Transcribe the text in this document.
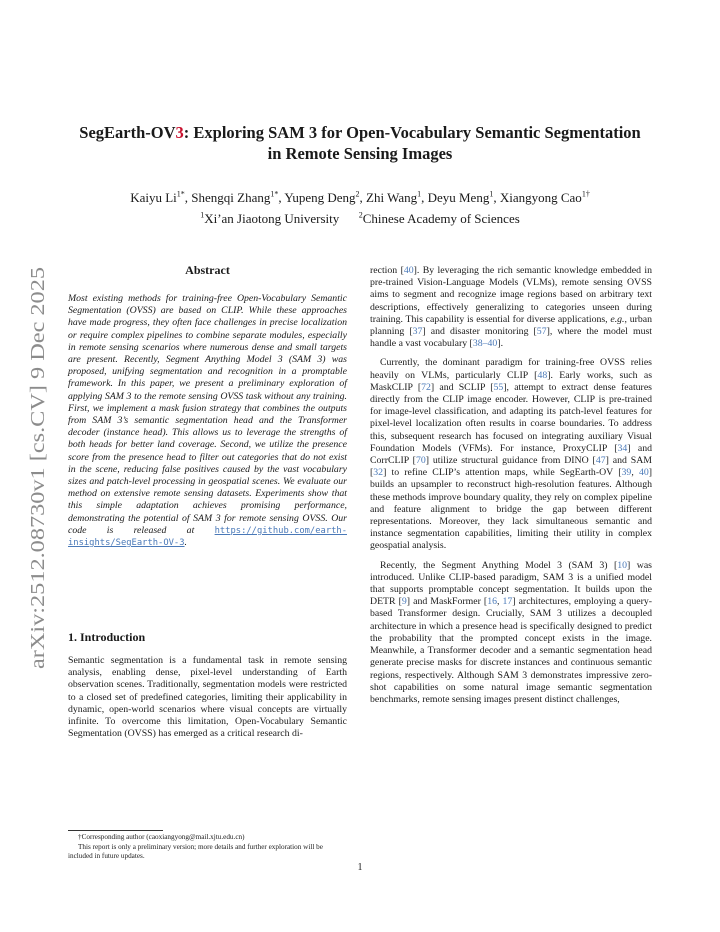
arXiv:2512.08730v1 [cs.CV] 9 Dec 2025
SegEarth-OV3: Exploring SAM 3 for Open-Vocabulary Semantic Segmentation
in Remote Sensing Images
Kaiyu $Li^{1*}$, Shengqi Zhang$^{1*}$, Yupeng Deng$^2$, Zhi Wang$^1$, Deyu Meng$^1$, Xiangyong Cao$^{1\dagger}$
$^1$Xi’an Jiaotong University   $^2$Chinese Academy of Sciences
Abstract
Most existing methods for training-free Open-Vocabulary Semantic Segmentation (OVSS) are based on CLIP. While these approaches have made progress, they often face challenges in precise localization or require complex pipelines to combine separate modules, especially in remote sensing scenarios where numerous dense and small targets are present. Recently, Segment Anything Model 3 (SAM 3) was proposed, unifying segmentation and recognition in a promptable framework. In this paper, we present a preliminary exploration of applying SAM 3 to the remote sensing OVSS task without any training. First, we implement a mask fusion strategy that combines the outputs from SAM 3’s semantic segmentation head and the Transformer decoder (instance head). This allows us to leverage the strengths of both heads for better land coverage. Second, we utilize the presence score from the presence head to filter out categories that do not exist in the scene, reducing false positives caused by the vast vocabulary sizes and patch-level processing in geospatial scenes. We evaluate our method on extensive remote sensing datasets. Experiments show that this simple adaptation achieves promising performance, demonstrating the potential of SAM 3 for remote sensing OVSS. Our code is released at https://github.com/earth-insights/SegEarth-OV-3.
1. Introduction
Semantic segmentation is a fundamental task in remote sensing analysis, enabling dense, pixel-level understanding of Earth observation scenes. Traditionally, segmentation models were restricted to a closed set of predefined categories, limiting their applicability in dynamic, open-world scenarios where visual concepts are virtually infinite. To overcome this limitation, Open-Vocabulary Semantic Segmentation (OVSS) has emerged as a critical research di-

rection [40]. By leveraging the rich semantic knowledge embedded in pre-trained Vision-Language Models (VLMs), remote sensing OVSS aims to segment and recognize image regions based on arbitrary text descriptions, effectively generalizing to categories unseen during training. This capability is essential for diverse applications, e.g., urban planning [37] and disaster monitoring [57], where the model must handle a vast vocabulary [38–40].

Currently, the dominant paradigm for training-free OVSS relies heavily on VLMs, particularly CLIP [48]. Early works, such as MaskCLIP [72] and SCLIP [55], attempt to extract dense features directly from the CLIP image encoder. However, CLIP is pre-trained for image-level classification, and adapting its patch-level features for pixel-level localization often results in coarse boundaries. To address this, subsequent research has focused on integrating auxiliary Visual Foundation Models (VFMs). For instance, ProxyCLIP [34] and CorrCLIP [70] utilize structural guidance from DINO [47] and SAM [32] to refine CLIP’s attention maps, while SegEarth-OV [39, 40] builds an upsampler to reconstruct high-resolution features. Although these methods improve boundary quality, they rely on complex pipeline and feature alignment to bridge the gap between different representations. Moreover, they lack simultaneous semantic and instance segmentation capabilities, limiting their utility in complex geospatial analysis.

Recently, the Segment Anything Model 3 (SAM 3) [10] was introduced. Unlike CLIP-based paradigm, SAM 3 is a unified model that supports promptable concept segmentation. It builds upon the DETR [9] and MaskFormer [16, 17] architectures, employing a query-based Transformer design. Crucially, SAM 3 utilizes a decoupled architecture in which a presence head is specifically designed to predict the probability that the prompted concept exists in the image. Meanwhile, a Transformer decoder and a semantic segmentation head generate precise masks for discrete instances and continuous semantic regions, respectively. Although SAM 3 demonstrates impressive zero-shot capabilities on some natural image semantic segmentation benchmarks, remote sensing images present distinct challenges,

†Corresponding author (caoxiangyong@mail.xjtu.edu.cn)
This report is only a preliminary version; more details and further exploration will be included in future updates.
1
